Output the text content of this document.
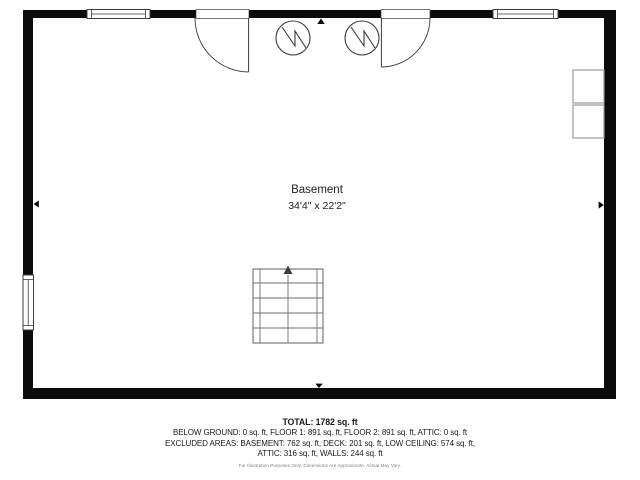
Basement
34'4" x 22'2"
TOTAL: 1782 sq. ft
BELOW GROUND: 0 sq. ft, FLOOR 1: 891 sq. ft, FLOOR 2: 891 sq. ft, ATTIC: 0 sq. ft
EXCLUDED AREAS: BASEMENT: 762 sq. ft, DECK: 201 sq. ft, LOW CEILING: 574 sq. ft,
ATTIC: 316 sq. ft, WALLS: 244 sq. ft
For Illustration Purposes Only. Dimensions Are Approximate, Actual May Vary.
